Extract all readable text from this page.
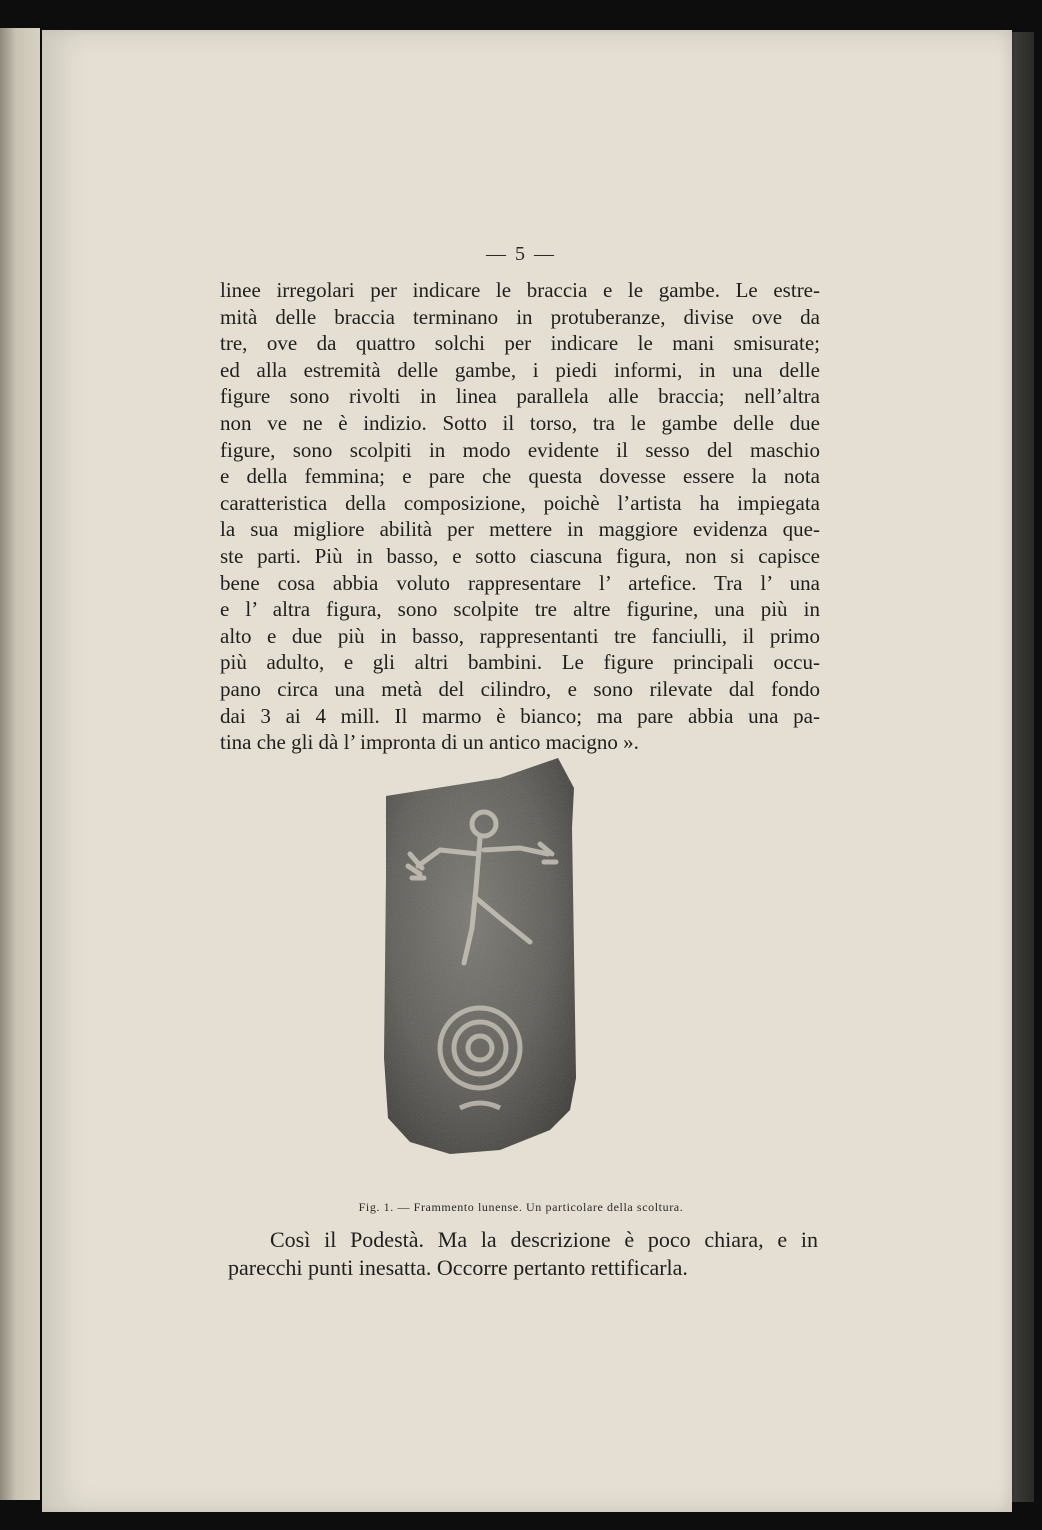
— 5 —
linee irregolari per indicare le braccia e le gambe. Le estre-
mità delle braccia terminano in protuberanze, divise ove da
tre, ove da quattro solchi per indicare le mani smisurate;
ed alla estremità delle gambe, i piedi informi, in una delle
figure sono rivolti in linea parallela alle braccia; nell’altra
non ve ne è indizio. Sotto il torso, tra le gambe delle due
figure, sono scolpiti in modo evidente il sesso del maschio
e della femmina; e pare che questa dovesse essere la nota
caratteristica della composizione, poichè l’artista ha impiegata
la sua migliore abilità per mettere in maggiore evidenza que-
ste parti. Più in basso, e sotto ciascuna figura, non si capisce
bene cosa abbia voluto rappresentare l’ artefice. Tra l’ una
e l’ altra figura, sono scolpite tre altre figurine, una più in
alto e due più in basso, rappresentanti tre fanciulli, il primo
più adulto, e gli altri bambini. Le figure principali occu-
pano circa una metà del cilindro, e sono rilevate dal fondo
dai 3 ai 4 mill. Il marmo è bianco; ma pare abbia una pa-
tina che gli dà l’ impronta di un antico macigno ».
Fig. 1. — Frammento lunense. Un particolare della scoltura.
Così il Podestà. Ma la descrizione è poco chiara, e in
parecchi punti inesatta. Occorre pertanto rettificarla.
